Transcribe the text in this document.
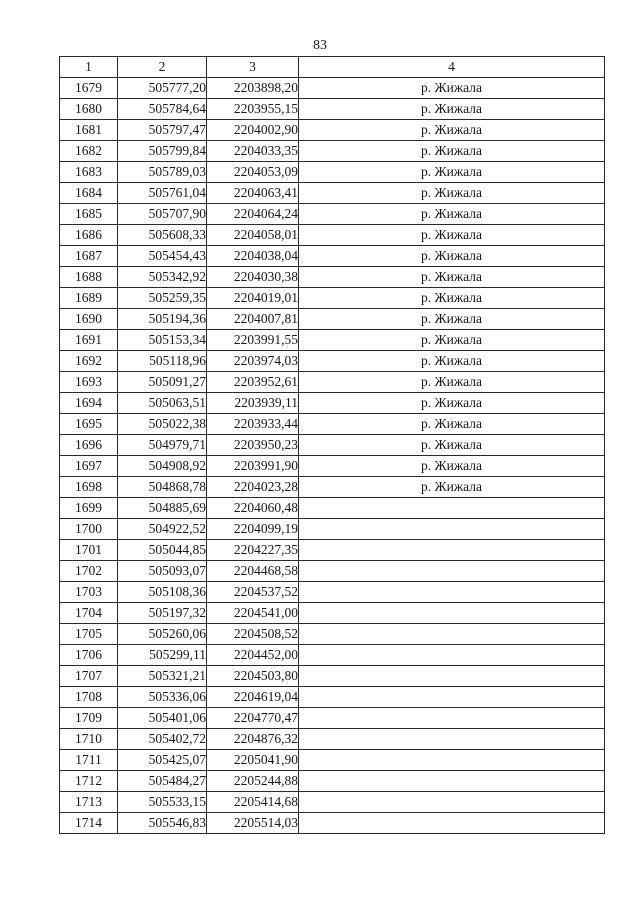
83
1	2	3	4
1679	505777,20	2203898,20	р. Жижала
1680	505784,64	2203955,15	р. Жижала
1681	505797,47	2204002,90	р. Жижала
1682	505799,84	2204033,35	р. Жижала
1683	505789,03	2204053,09	р. Жижала
1684	505761,04	2204063,41	р. Жижала
1685	505707,90	2204064,24	р. Жижала
1686	505608,33	2204058,01	р. Жижала
1687	505454,43	2204038,04	р. Жижала
1688	505342,92	2204030,38	р. Жижала
1689	505259,35	2204019,01	р. Жижала
1690	505194,36	2204007,81	р. Жижала
1691	505153,34	2203991,55	р. Жижала
1692	505118,96	2203974,03	р. Жижала
1693	505091,27	2203952,61	р. Жижала
1694	505063,51	2203939,11	р. Жижала
1695	505022,38	2203933,44	р. Жижала
1696	504979,71	2203950,23	р. Жижала
1697	504908,92	2203991,90	р. Жижала
1698	504868,78	2204023,28	р. Жижала
1699	504885,69	2204060,48	
1700	504922,52	2204099,19	
1701	505044,85	2204227,35	
1702	505093,07	2204468,58	
1703	505108,36	2204537,52	
1704	505197,32	2204541,00	
1705	505260,06	2204508,52	
1706	505299,11	2204452,00	
1707	505321,21	2204503,80	
1708	505336,06	2204619,04	
1709	505401,06	2204770,47	
1710	505402,72	2204876,32	
1711	505425,07	2205041,90	
1712	505484,27	2205244,88	
1713	505533,15	2205414,68	
1714	505546,83	2205514,03	
